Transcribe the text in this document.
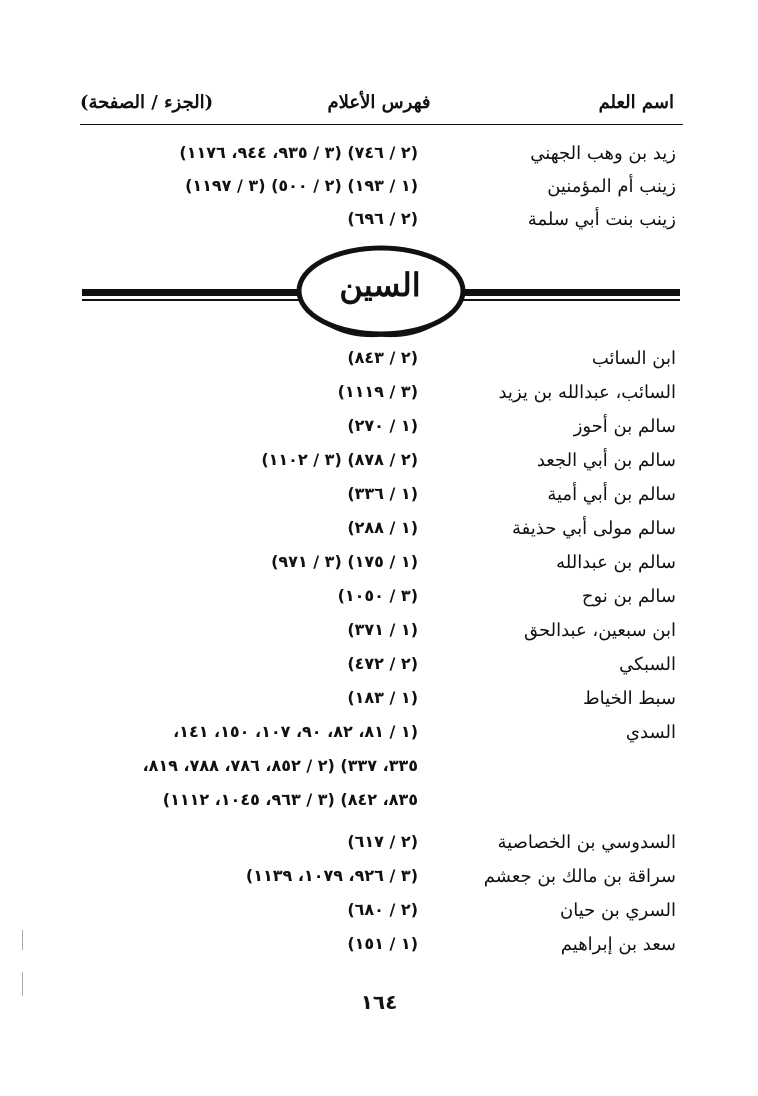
اسم العلم
فهرس الأعلام
(الجزء / الصفحة)
زيد بن وهب الجهني
(٢ / ٧٤٦) (٣ / ٩٣٥، ٩٤٤، ١١٧٦)
زينب أم المؤمنين
(١ / ١٩٣) (٢ / ٥٠٠) (٣ / ١١٩٧)
زينب بنت أبي سلمة
(٢ / ٦٩٦)
السين
ابن السائب
(٢ / ٨٤٣)
السائب، عبدالله بن يزيد
(٣ / ١١١٩)
سالم بن أحوز
(١ / ٢٧٠)
سالم بن أبي الجعد
(٢ / ٨٧٨) (٣ / ١١٠٢)
سالم بن أبي أمية
(١ / ٣٣٦)
سالم مولى أبي حذيفة
(١ / ٢٨٨)
سالم بن عبدالله
(١ / ١٧٥) (٣ / ٩٧١)
سالم بن نوح
(٣ / ١٠٥٠)
ابن سبعين، عبدالحق
(١ / ٣٧١)
السبكي
(٢ / ٤٧٢)
سبط الخياط
(١ / ١٨٣)
السدي
(١ / ٨١، ٨٢، ٩٠، ١٠٧، ١٥٠، ١٤١،
٣٣٥، ٣٣٧) (٢ / ٨٥٢، ٧٨٦، ٧٨٨، ٨١٩،
٨٣٥، ٨٤٢) (٣ / ٩٦٣، ١٠٤٥، ١١١٢)
السدوسي بن الخصاصية
(٢ / ٦١٧)
سراقة بن مالك بن جعشم
(٣ / ٩٢٦، ١٠٧٩، ١١٣٩)
السري بن حيان
(٢ / ٦٨٠)
سعد بن إبراهيم
(١ / ١٥١)
١٦٤
